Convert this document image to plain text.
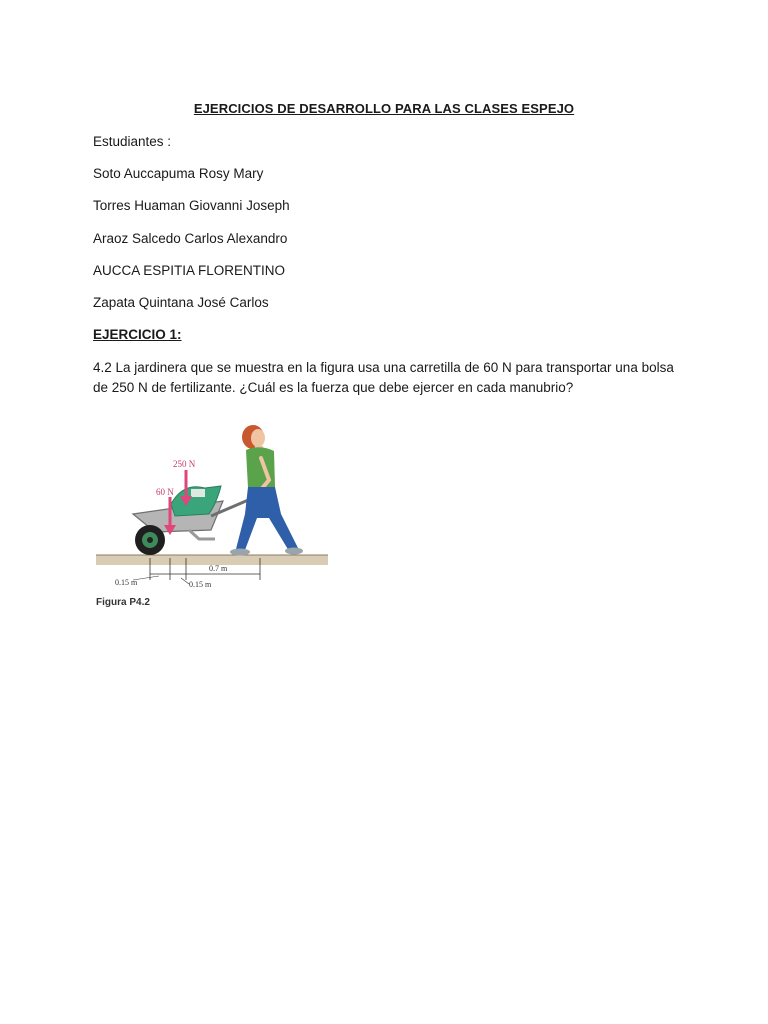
EJERCICIOS DE DESARROLLO PARA LAS CLASES ESPEJO
Estudiantes :
Soto Auccapuma Rosy Mary
Torres Huaman Giovanni Joseph
Araoz Salcedo Carlos Alexandro
AUCCA ESPITIA FLORENTINO
Zapata Quintana José Carlos
EJERCICIO 1:
4.2 La jardinera que se muestra en la figura usa una carretilla de 60 N para transportar una bolsa de 250 N de fertilizante. ¿Cuál es la fuerza que debe ejercer en cada manubrio?
250 N
60 N
0.15 m	0.15 m
0.7 m
Figura P4.2
